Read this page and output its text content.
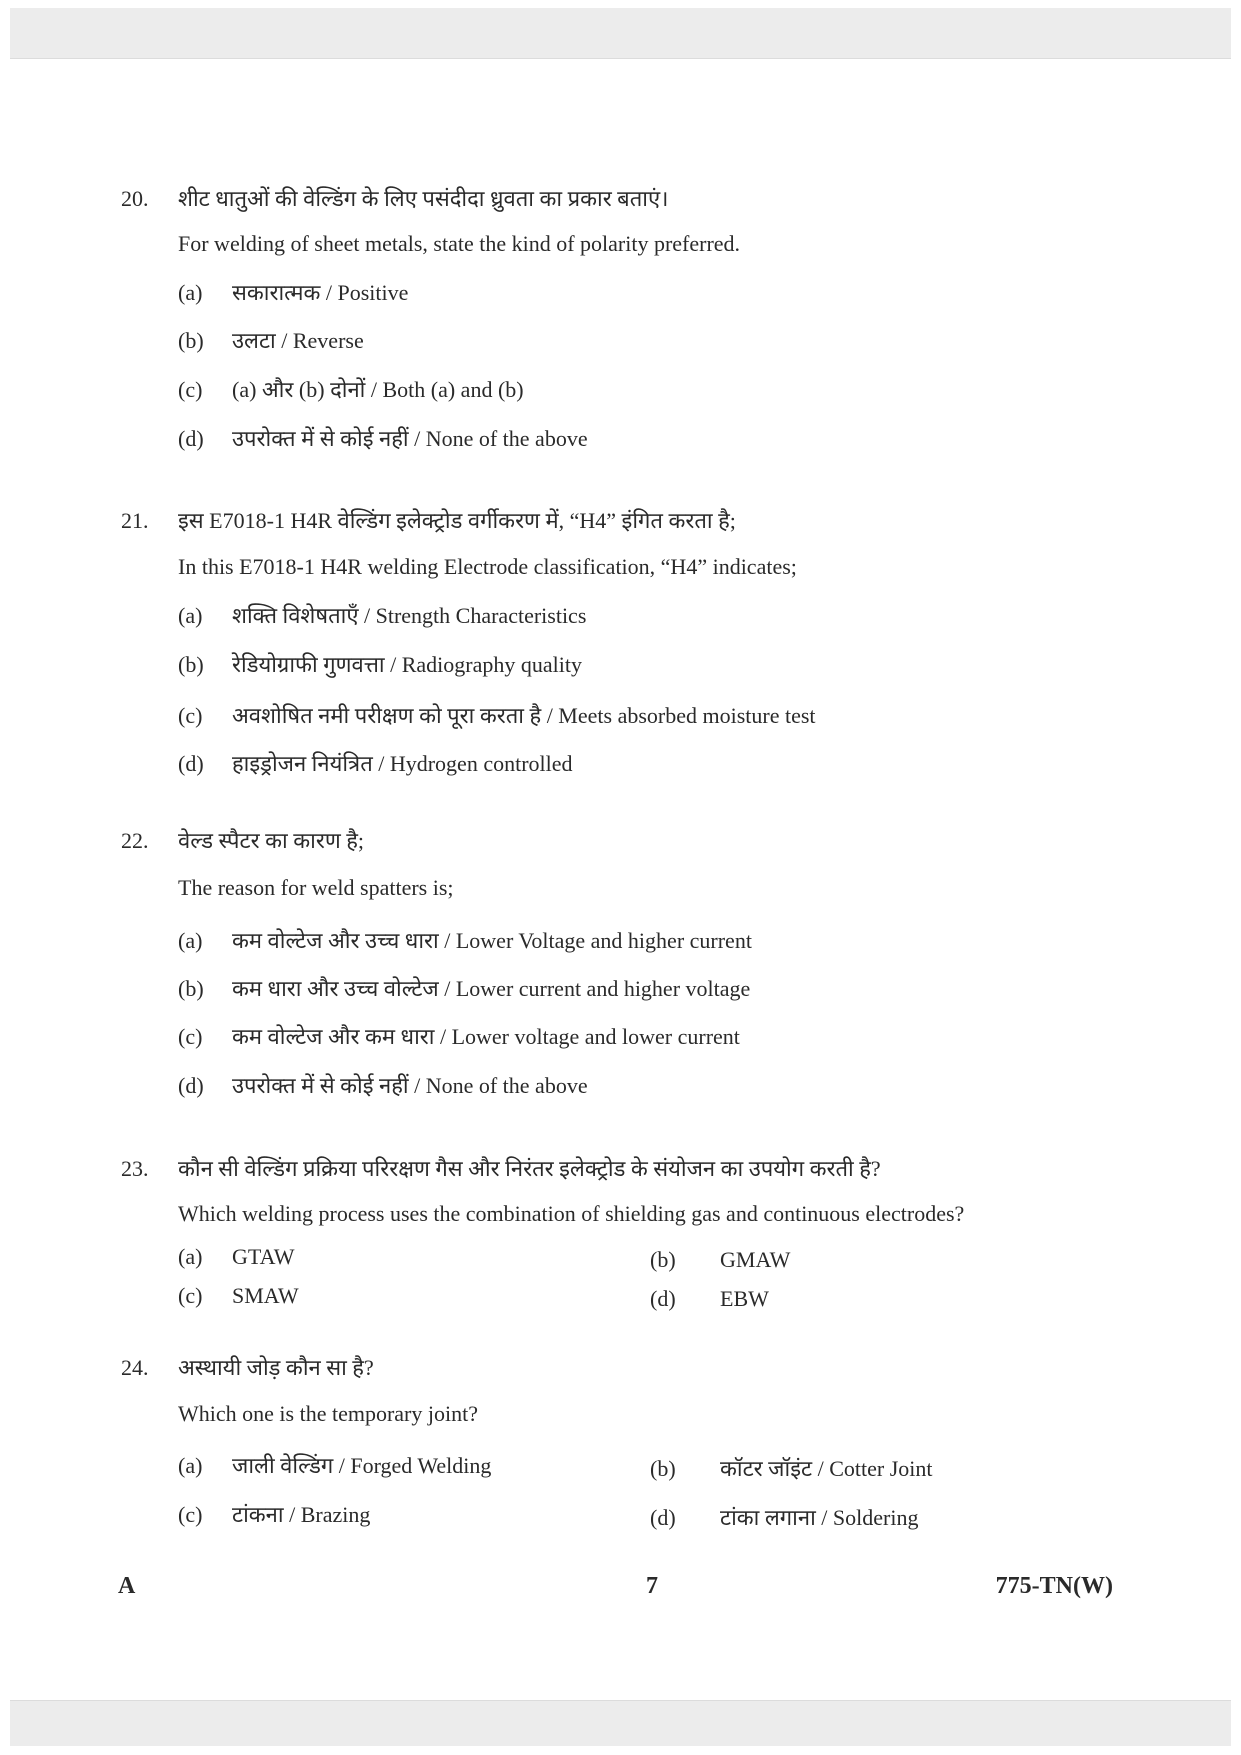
20. शीट धातुओं की वेल्डिंग के लिए पसंदीदा ध्रुवता का प्रकार बताएं।
For welding of sheet metals, state the kind of polarity preferred.
(a) सकारात्मक / Positive
(b) उलटा / Reverse
(c) (a) और (b) दोनों / Both (a) and (b)
(d) उपरोक्त में से कोई नहीं / None of the above
21. इस E7018-1 H4R वेल्डिंग इलेक्ट्रोड वर्गीकरण में, “H4” इंगित करता है;
In this E7018-1 H4R welding Electrode classification, “H4” indicates;
(a) शक्ति विशेषताएँ / Strength Characteristics
(b) रेडियोग्राफी गुणवत्ता / Radiography quality
(c) अवशोषित नमी परीक्षण को पूरा करता है / Meets absorbed moisture test
(d) हाइड्रोजन नियंत्रित / Hydrogen controlled
22. वेल्ड स्पैटर का कारण है;
The reason for weld spatters is;
(a) कम वोल्टेज और उच्च धारा / Lower Voltage and higher current
(b) कम धारा और उच्च वोल्टेज / Lower current and higher voltage
(c) कम वोल्टेज और कम धारा / Lower voltage and lower current
(d) उपरोक्त में से कोई नहीं / None of the above
23. कौन सी वेल्डिंग प्रक्रिया परिरक्षण गैस और निरंतर इलेक्ट्रोड के संयोजन का उपयोग करती है?
Which welding process uses the combination of shielding gas and continuous electrodes?
(a) GTAW	(b) GMAW
(c) SMAW	(d) EBW
24. अस्थायी जोड़ कौन सा है?
Which one is the temporary joint?
(a) जाली वेल्डिंग / Forged Welding	(b) कॉटर जॉइंट / Cotter Joint
(c) टांकना / Brazing	(d) टांका लगाना / Soldering
A	7	775-TN(W)
